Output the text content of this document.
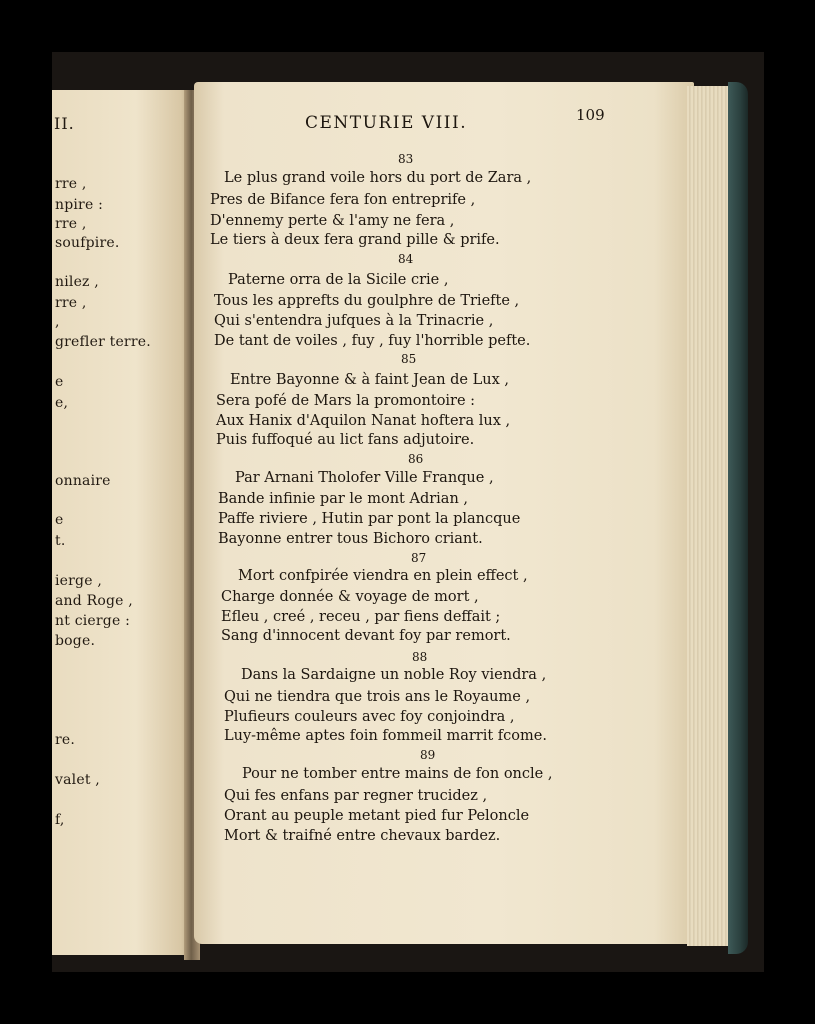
II.
rre ,
npire :
rre ,
soufpire.
nilez ,
rre ,
,
grefler terre.
e
e,
onnaire
e
t.
ierge ,
and Roge ,
nt cierge :
boge.
re.
valet ,
f,
CENTURIE VIII.	109
83
Le plus grand voile hors du port de Zara ,
Pres de Bifance fera fon entreprife ,
D'ennemy perte & l'amy ne fera ,
Le tiers à deux fera grand pille & prife.
84
Paterne orra de la Sicile crie ,
Tous les apprefts du goulphre de Triefte ,
Qui s'entendra jufques à la Trinacrie ,
De tant de voiles , fuy , fuy l'horrible pefte.
85
Entre Bayonne & à faint Jean de Lux ,
Sera pofé de Mars la promontoire :
Aux Hanix d'Aquilon Nanat hoftera lux ,
Puis fuffoqué au lict fans adjutoire.
86
Par Arnani Tholofer Ville Franque ,
Bande infinie par le mont Adrian ,
Paffe riviere , Hutin par pont la plancque
Bayonne entrer tous Bichoro criant.
87
Mort confpirée viendra en plein effect ,
Charge donnée & voyage de mort ,
Efleu , creé , receu , par fiens deffait ;
Sang d'innocent devant foy par remort.
88
Dans la Sardaigne un noble Roy viendra ,
Qui ne tiendra que trois ans le Royaume ,
Plufieurs couleurs avec foy conjoindra ,
Luy-même aptes foin fommeil marrit fcome.
89
Pour ne tomber entre mains de fon oncle ,
Qui fes enfans par regner trucidez ,
Orant au peuple metant pied fur Peloncle
Mort & traifné entre chevaux bardez.
